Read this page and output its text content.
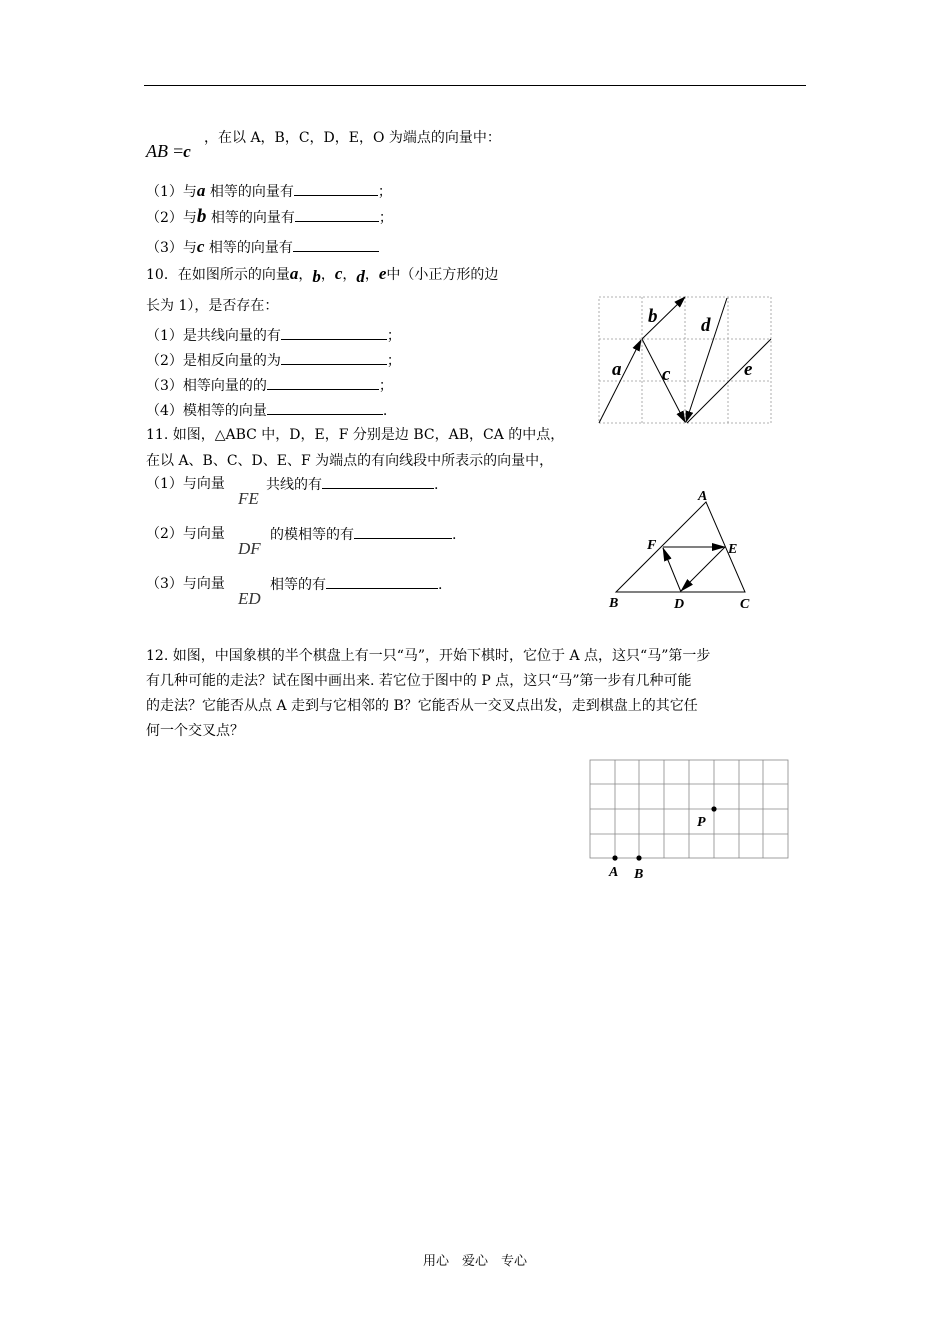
AB =c
，在以 A，B，C，D，E，O 为端点的向量中：
（1）与a 相等的向量有	；
（2）与b 相等的向量有	；
（3）与c 相等的向量有
10．在如图所示的向量a，b，c，d，e中（小正方形的边
长为 1），是否存在：
（1）是共线向量的有	；
（2）是相反向量的为	；
（3）相等向量的的	；
（4）模相等的向量	.
b d
a c	e
11. 如图，△ABC 中，D，E，F 分别是边 BC，AB，CA 的中点，
在以 A、B、C、D、E、F 为端点的有向线段中所表示的向量中，
（1）与向量
FE
共线的有	.
（2）与向量
DF
的模相等的有	.
（3）与向量
ED
相等的有	.
A
F	E
B	D	C
12. 如图，中国象棋的半个棋盘上有一只“马”，开始下棋时，它位于 A 点，这只“马”第一步
有几种可能的走法？试在图中画出来. 若它位于图中的 P 点，这只“马”第一步有几种可能
的走法？它能否从点 A 走到与它相邻的 B？它能否从一交叉点出发，走到棋盘上的其它任
何一个交叉点？
P
A B
用心　爱心　专心
